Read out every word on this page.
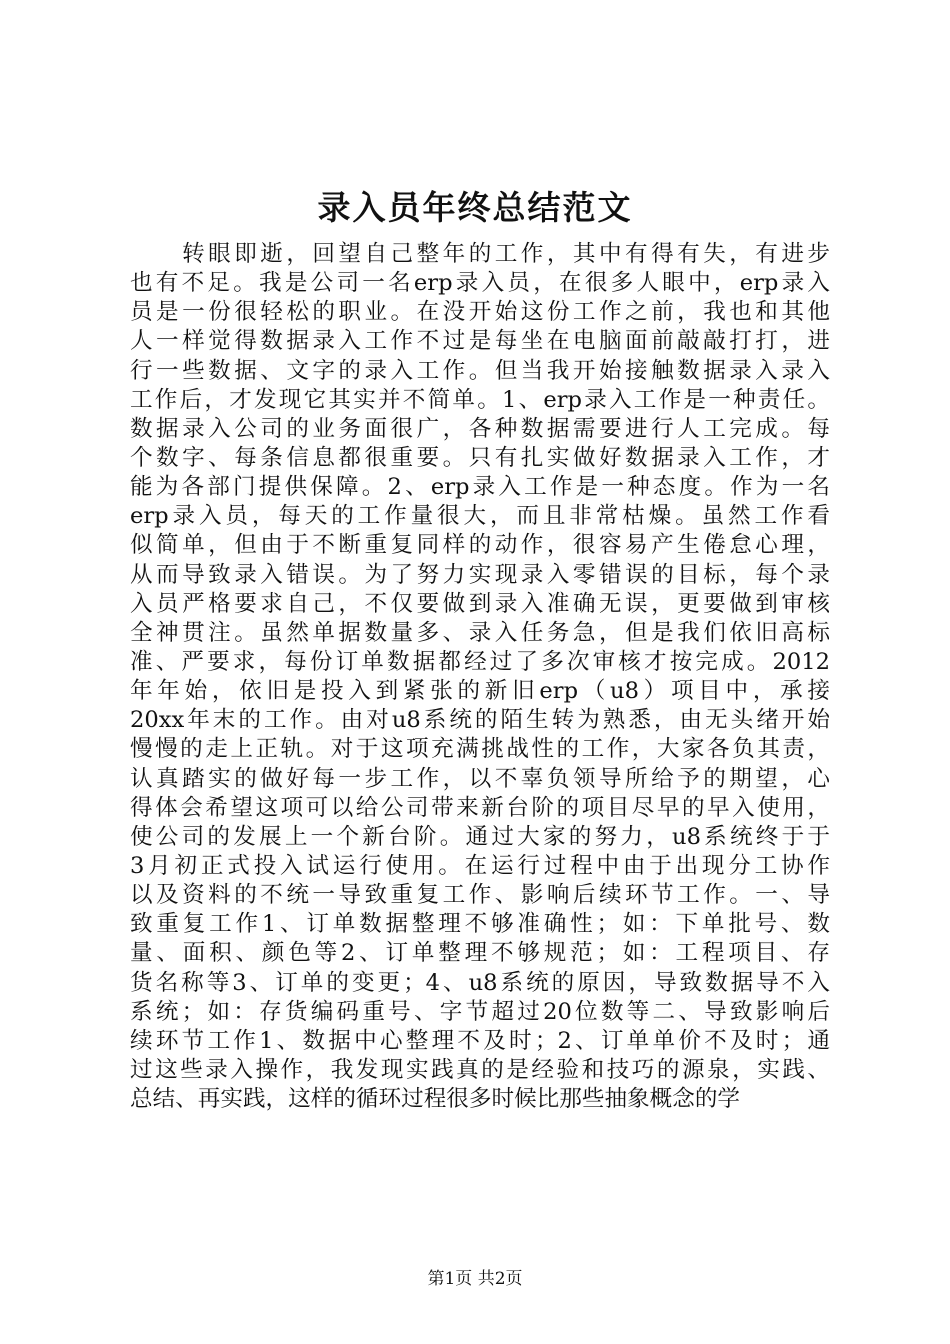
录入员年终总结范文
　　转眼即逝，回望自己整年的工作，其中有得有失，有进步
也有不足。我是公司一名erp录入员，在很多人眼中，erp录入
员是一份很轻松的职业。在没开始这份工作之前，我也和其他
人一样觉得数据录入工作不过是每坐在电脑面前敲敲打打，进
行一些数据、文字的录入工作。但当我开始接触数据录入录入
工作后，才发现它其实并不简单。1、erp录入工作是一种责任。
数据录入公司的业务面很广，各种数据需要进行人工完成。每
个数字、每条信息都很重要。只有扎实做好数据录入工作，才
能为各部门提供保障。2、erp录入工作是一种态度。作为一名
erp录入员，每天的工作量很大，而且非常枯燥。虽然工作看
似简单，但由于不断重复同样的动作，很容易产生倦怠心理，
从而导致录入错误。为了努力实现录入零错误的目标，每个录
入员严格要求自己，不仅要做到录入准确无误，更要做到审核
全神贯注。虽然单据数量多、录入任务急，但是我们依旧高标
准、严要求，每份订单数据都经过了多次审核才按完成。2012
年年始，依旧是投入到紧张的新旧erp（u8）项目中，承接
20xx年末的工作。由对u8系统的陌生转为熟悉，由无头绪开始
慢慢的走上正轨。对于这项充满挑战性的工作，大家各负其责，
认真踏实的做好每一步工作，以不辜负领导所给予的期望，心
得体会希望这项可以给公司带来新台阶的项目尽早的早入使用，
使公司的发展上一个新台阶。通过大家的努力，u8系统终于于
3月初正式投入试运行使用。在运行过程中由于出现分工协作
以及资料的不统一导致重复工作、影响后续环节工作。一、导
致重复工作1、订单数据整理不够准确性；如：下单批号、数
量、面积、颜色等2、订单整理不够规范；如：工程项目、存
货名称等3、订单的变更；4、u8系统的原因，导致数据导不入
系统；如：存货编码重号、字节超过20位数等二、导致影响后
续环节工作1、数据中心整理不及时；2、订单单价不及时；通
过这些录入操作，我发现实践真的是经验和技巧的源泉，实践、
总结、再实践，这样的循环过程很多时候比那些抽象概念的学
第1页 共2页
